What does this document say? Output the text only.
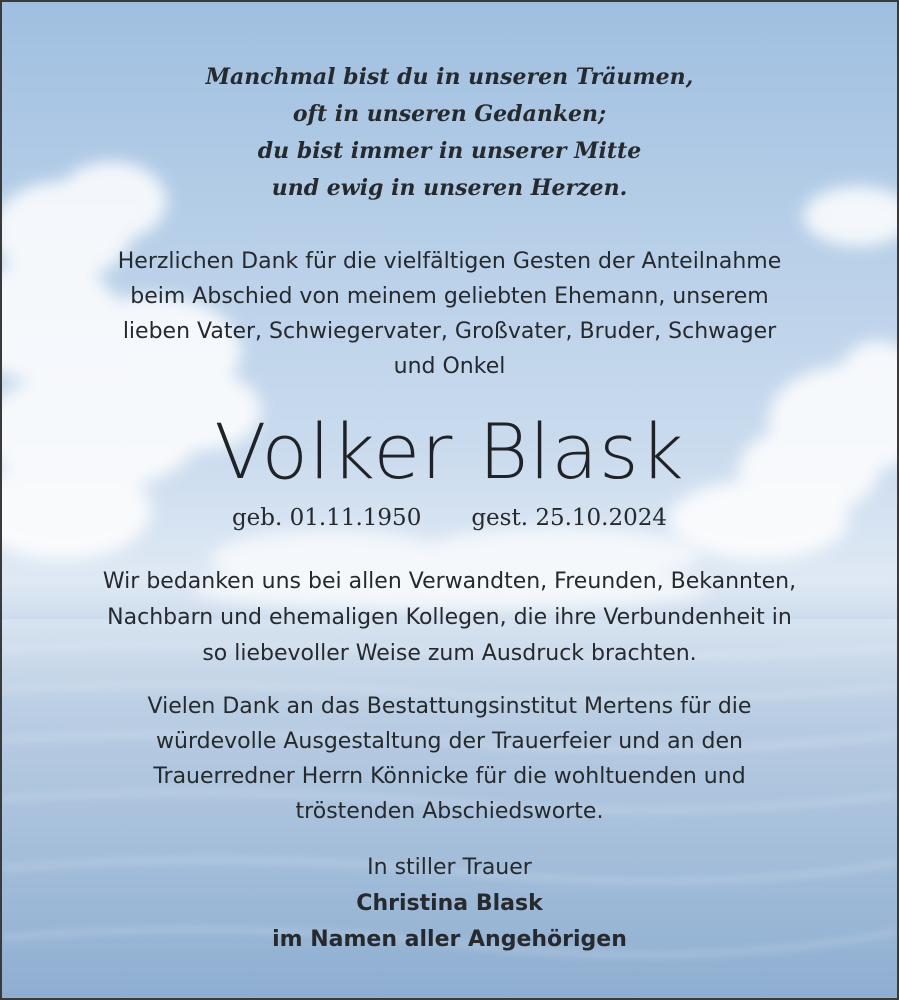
Manchmal bist du in unseren Träumen,
oft in unseren Gedanken;
du bist immer in unserer Mitte
und ewig in unseren Herzen.
Herzlichen Dank für die vielfältigen Gesten der Anteilnahme
beim Abschied von meinem geliebten Ehemann, unserem
lieben Vater, Schwiegervater, Großvater, Bruder, Schwager
und Onkel
Volker Blask
geb. 01.11.1950 gest. 25.10.2024
Wir bedanken uns bei allen Verwandten, Freunden, Bekannten,
Nachbarn und ehemaligen Kollegen, die ihre Verbundenheit in
so liebevoller Weise zum Ausdruck brachten.
Vielen Dank an das Bestattungsinstitut Mertens für die
würdevolle Ausgestaltung der Trauerfeier und an den
Trauerredner Herrn Könnicke für die wohltuenden und
tröstenden Abschiedsworte.
In stiller Trauer
Christina Blask
im Namen aller Angehörigen
